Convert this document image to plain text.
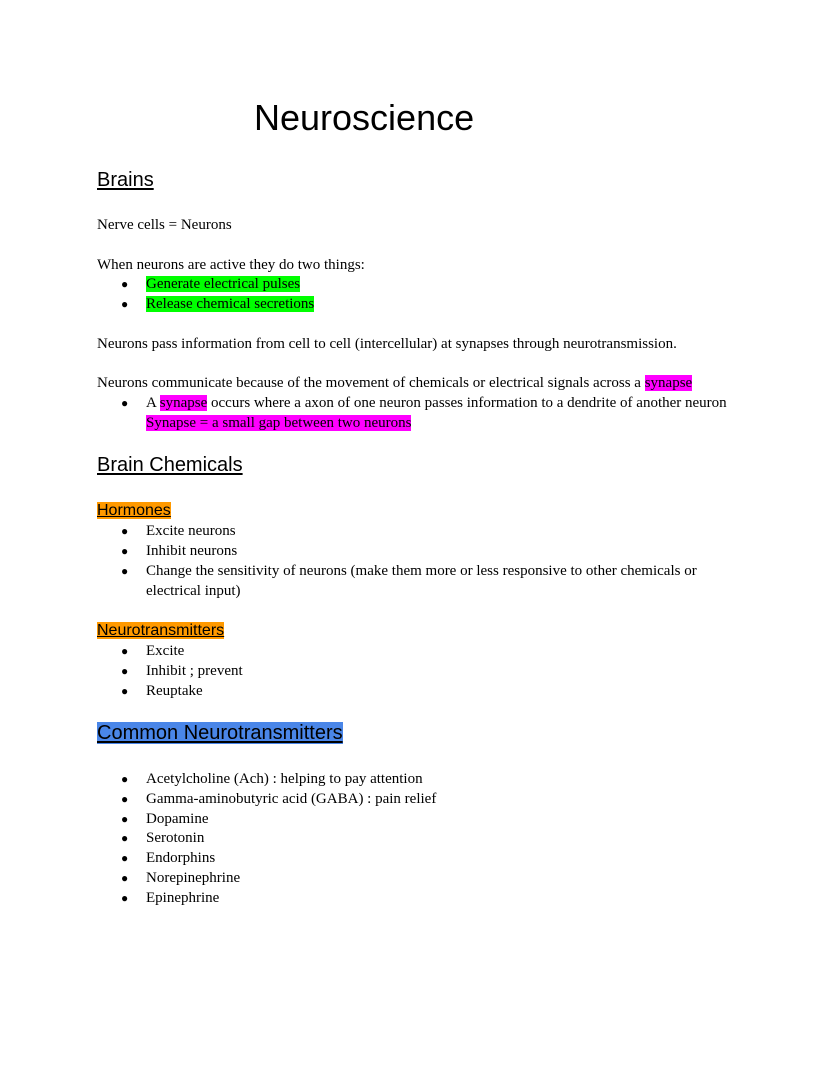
Neuroscience
Brains
Nerve cells = Neurons
When neurons are active they do two things:
● Generate electrical pulses
● Release chemical secretions
Neurons pass information from cell to cell (intercellular) at synapses through neurotransmission.
Neurons communicate because of the movement of chemicals or electrical signals across a synapse
● A synapse occurs where a axon of one neuron passes information to a dendrite of another neuron
Synapse = a small gap between two neurons
Brain Chemicals
Hormones
● Excite neurons
● Inhibit neurons
● Change the sensitivity of neurons (make them more or less responsive to other chemicals or
electrical input)
Neurotransmitters
● Excite
● Inhibit ; prevent
● Reuptake
Common Neurotransmitters
● Acetylcholine (Ach) : helping to pay attention
● Gamma-aminobutyric acid (GABA) : pain relief
● Dopamine
● Serotonin
● Endorphins
● Norepinephrine
● Epinephrine
